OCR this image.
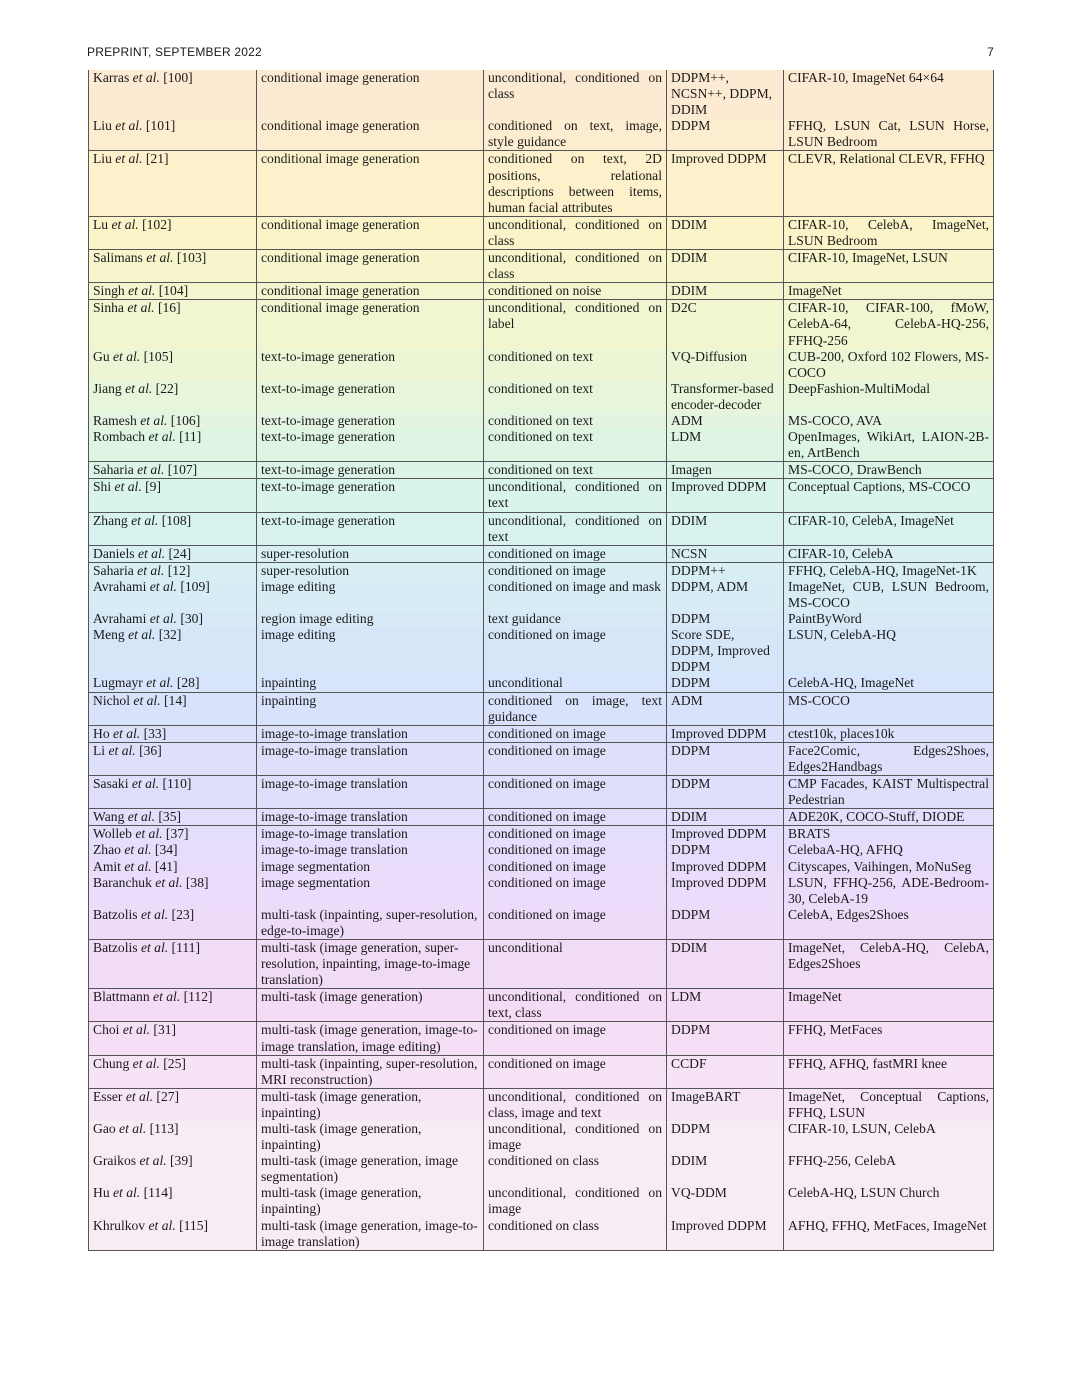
PREPRINT, SEPTEMBER 2022	7
Karras et al. [100]	conditional image generation	unconditional, conditioned on class	DDPM++, NCSN++, DDPM, DDIM	CIFAR-10, ImageNet 64×64
Liu et al. [101]	conditional image generation	conditioned on text, image, style guidance	DDPM	FFHQ, LSUN Cat, LSUN Horse, LSUN Bedroom
Liu et al. [21]	conditional image generation	conditioned on text, 2D positions, relational descriptions between items, human facial attributes	Improved DDPM	CLEVR, Relational CLEVR, FFHQ
Lu et al. [102]	conditional image generation	unconditional, conditioned on class	DDIM	CIFAR-10, CelebA, ImageNet, LSUN Bedroom
Salimans et al. [103]	conditional image generation	unconditional, conditioned on class	DDIM	CIFAR-10, ImageNet, LSUN
Singh et al. [104]	conditional image generation	conditioned on noise	DDIM	ImageNet
Sinha et al. [16]	conditional image generation	unconditional, conditioned on label	D2C	CIFAR-10, CIFAR-100, fMoW, CelebA-64, CelebA-HQ-256, FFHQ-256
Gu et al. [105]	text-to-image generation	conditioned on text	VQ-Diffusion	CUB-200, Oxford 102 Flowers, MS-COCO
Jiang et al. [22]	text-to-image generation	conditioned on text	Transformer-based encoder-decoder	DeepFashion-MultiModal
Ramesh et al. [106]	text-to-image generation	conditioned on text	ADM	MS-COCO, AVA
Rombach et al. [11]	text-to-image generation	conditioned on text	LDM	OpenImages, WikiArt, LAION-2B-en, ArtBench
Saharia et al. [107]	text-to-image generation	conditioned on text	Imagen	MS-COCO, DrawBench
Shi et al. [9]	text-to-image generation	unconditional, conditioned on text	Improved DDPM	Conceptual Captions, MS-COCO
Zhang et al. [108]	text-to-image generation	unconditional, conditioned on text	DDIM	CIFAR-10, CelebA, ImageNet
Daniels et al. [24]	super-resolution	conditioned on image	NCSN	CIFAR-10, CelebA
Saharia et al. [12]	super-resolution	conditioned on image	DDPM++	FFHQ, CelebA-HQ, ImageNet-1K
Avrahami et al. [109]	image editing	conditioned on image and mask	DDPM, ADM	ImageNet, CUB, LSUN Bedroom, MS-COCO
Avrahami et al. [30]	region image editing	text guidance	DDPM	PaintByWord
Meng et al. [32]	image editing	conditioned on image	Score SDE, DDPM, Improved DDPM	LSUN, CelebA-HQ
Lugmayr et al. [28]	inpainting	unconditional	DDPM	CelebA-HQ, ImageNet
Nichol et al. [14]	inpainting	conditioned on image, text guidance	ADM	MS-COCO
Ho et al. [33]	image-to-image translation	conditioned on image	Improved DDPM	ctest10k, places10k
Li et al. [36]	image-to-image translation	conditioned on image	DDPM	Face2Comic, Edges2Shoes, Edges2Handbags
Sasaki et al. [110]	image-to-image translation	conditioned on image	DDPM	CMP Facades, KAIST Multispectral Pedestrian
Wang et al. [35]	image-to-image translation	conditioned on image	DDIM	ADE20K, COCO-Stuff, DIODE
Wolleb et al. [37]	image-to-image translation	conditioned on image	Improved DDPM	BRATS
Zhao et al. [34]	image-to-image translation	conditioned on image	DDPM	CelebaA-HQ, AFHQ
Amit et al. [41]	image segmentation	conditioned on image	Improved DDPM	Cityscapes, Vaihingen, MoNuSeg
Baranchuk et al. [38]	image segmentation	conditioned on image	Improved DDPM	LSUN, FFHQ-256, ADE-Bedroom-30, CelebA-19
Batzolis et al. [23]	multi-task (inpainting, super-resolution, edge-to-image)	conditioned on image	DDPM	CelebA, Edges2Shoes
Batzolis et al. [111]	multi-task (image generation, super-resolution, inpainting, image-to-image translation)	unconditional	DDIM	ImageNet, CelebA-HQ, CelebA, Edges2Shoes
Blattmann et al. [112]	multi-task (image generation)	unconditional, conditioned on text, class	LDM	ImageNet
Choi et al. [31]	multi-task (image generation, image-to-image translation, image editing)	conditioned on image	DDPM	FFHQ, MetFaces
Chung et al. [25]	multi-task (inpainting, super-resolution, MRI reconstruction)	conditioned on image	CCDF	FFHQ, AFHQ, fastMRI knee
Esser et al. [27]	multi-task (image generation, inpainting)	unconditional, conditioned on class, image and text	ImageBART	ImageNet, Conceptual Captions, FFHQ, LSUN
Gao et al. [113]	multi-task (image generation, inpainting)	unconditional, conditioned on image	DDPM	CIFAR-10, LSUN, CelebA
Graikos et al. [39]	multi-task (image generation, image segmentation)	conditioned on class	DDIM	FFHQ-256, CelebA
Hu et al. [114]	multi-task (image generation, inpainting)	unconditional, conditioned on image	VQ-DDM	CelebA-HQ, LSUN Church
Khrulkov et al. [115]	multi-task (image generation, image-to-image translation)	conditioned on class	Improved DDPM	AFHQ, FFHQ, MetFaces, ImageNet
